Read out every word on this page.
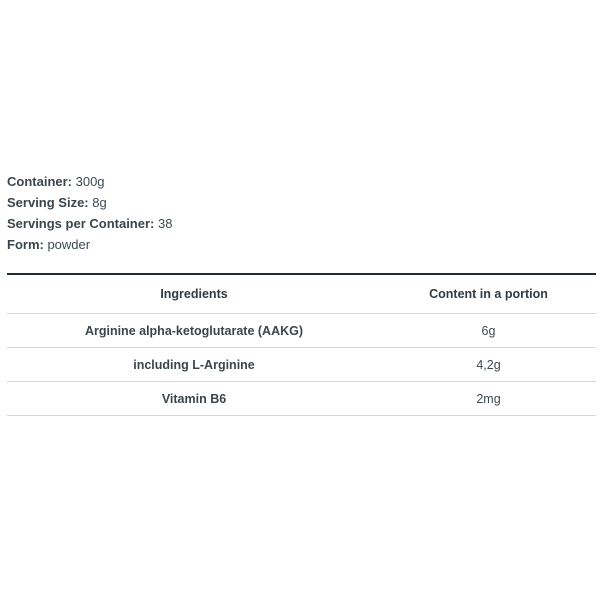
Container: 300g
Serving Size: 8g
Servings per Container: 38
Form: powder
Ingredients	Content in a portion
Arginine alpha-ketoglutarate (AAKG)	6g
including L-Arginine	4,2g
Vitamin B6	2mg
